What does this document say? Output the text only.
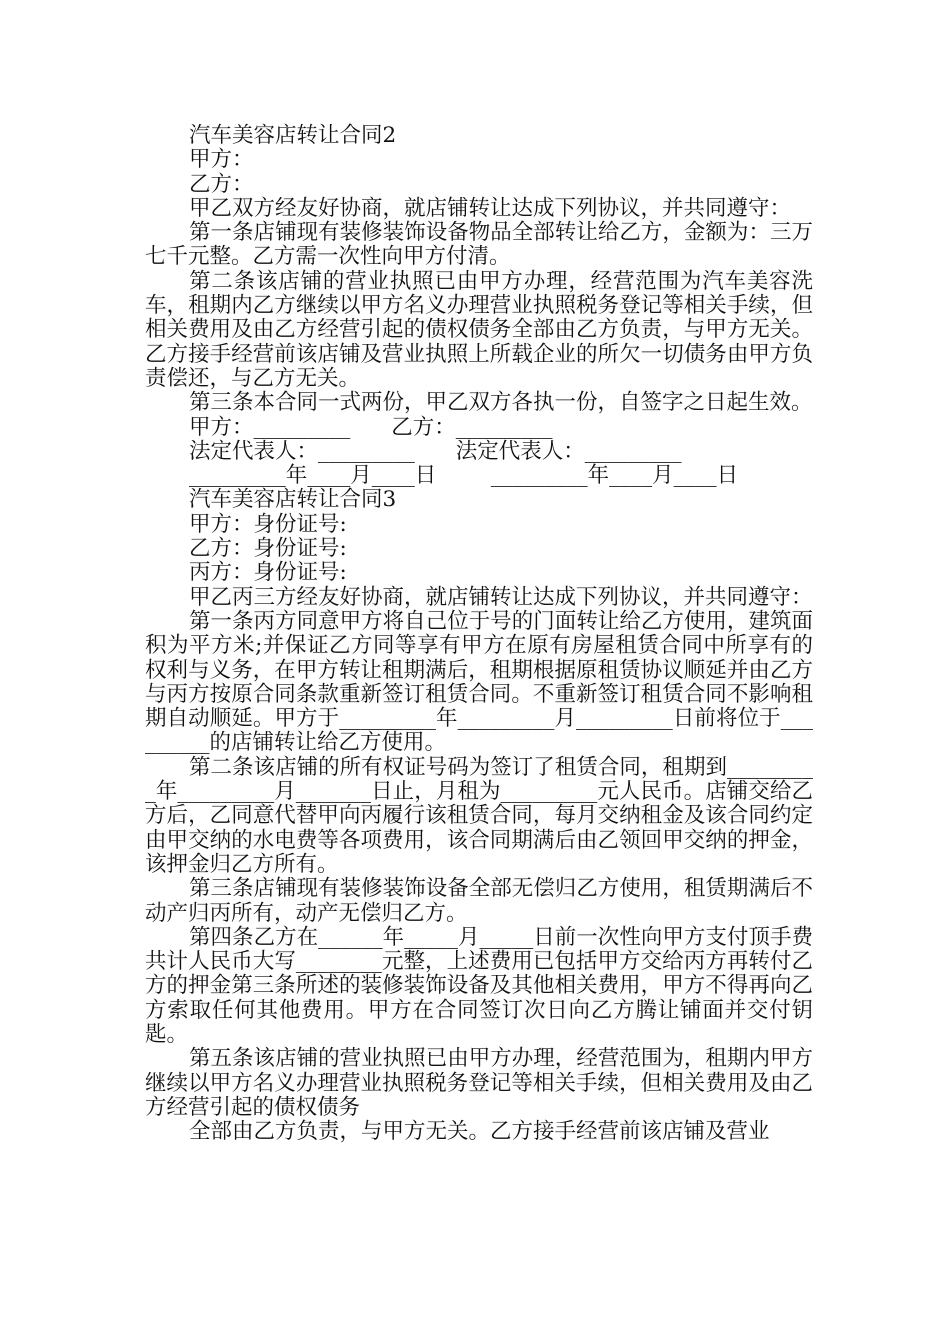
汽车美容店转让合同2

甲方：

乙方：

甲乙双方经友好协商，就店铺转让达成下列协议，并共同遵守：

第一条店铺现有装修装饰设备物品全部转让给乙方，金额为：三万七千元整。乙方需一次性向甲方付清。

第二条该店铺的营业执照已由甲方办理，经营范围为汽车美容洗车，租期内乙方继续以甲方名义办理营业执照税务登记等相关手续，但相关费用及由乙方经营引起的债权债务全部由乙方负责，与甲方无关。乙方接手经营前该店铺及营业执照上所载企业的所欠一切债务由甲方负责偿还，与乙方无关。

第三条本合同一式两份，甲乙双方各执一份，自签字之日起生效。

甲方：_________      乙方：_________

法定代表人：_________      法定代表人：_________

_________年____月____日        _________年____月____日

汽车美容店转让合同3

甲方：身份证号:

乙方：身份证号:

丙方：身份证号:

甲乙丙三方经友好协商，就店铺转让达成下列协议，并共同遵守：

第一条丙方同意甲方将自己位于号的门面转让给乙方使用，建筑面积为平方米;并保证乙方同等享有甲方在原有房屋租赁合同中所享有的权利与义务，在甲方转让租期满后，租期根据原租赁协议顺延并由乙方与丙方按原合同条款重新签订租赁合同。不重新签订租赁合同不影响租期自动顺延。甲方于_________年_________月_________日前将位于_________的店铺转让给乙方使用。

第二条该店铺的所有权证号码为签订了租赁合同，租期到_________年_________月_______日止，月租为_________元人民币。店铺交给乙方后，乙同意代替甲向丙履行该租赁合同，每月交纳租金及该合同约定由甲交纳的水电费等各项费用，该合同期满后由乙领回甲交纳的押金，该押金归乙方所有。

第三条店铺现有装修装饰设备全部无偿归乙方使用，租赁期满后不动产归丙所有，动产无偿归乙方。

第四条乙方在______年_____月_____日前一次性向甲方支付顶手费共计人民币大写________元整，上述费用已包括甲方交给丙方再转付乙方的押金第三条所述的装修装饰设备及其他相关费用，甲方不得再向乙方索取任何其他费用。甲方在合同签订次日向乙方腾让铺面并交付钥匙。

第五条该店铺的营业执照已由甲方办理，经营范围为，租期内甲方继续以甲方名义办理营业执照税务登记等相关手续，但相关费用及由乙方经营引起的债权债务

全部由乙方负责，与甲方无关。乙方接手经营前该店铺及营业
